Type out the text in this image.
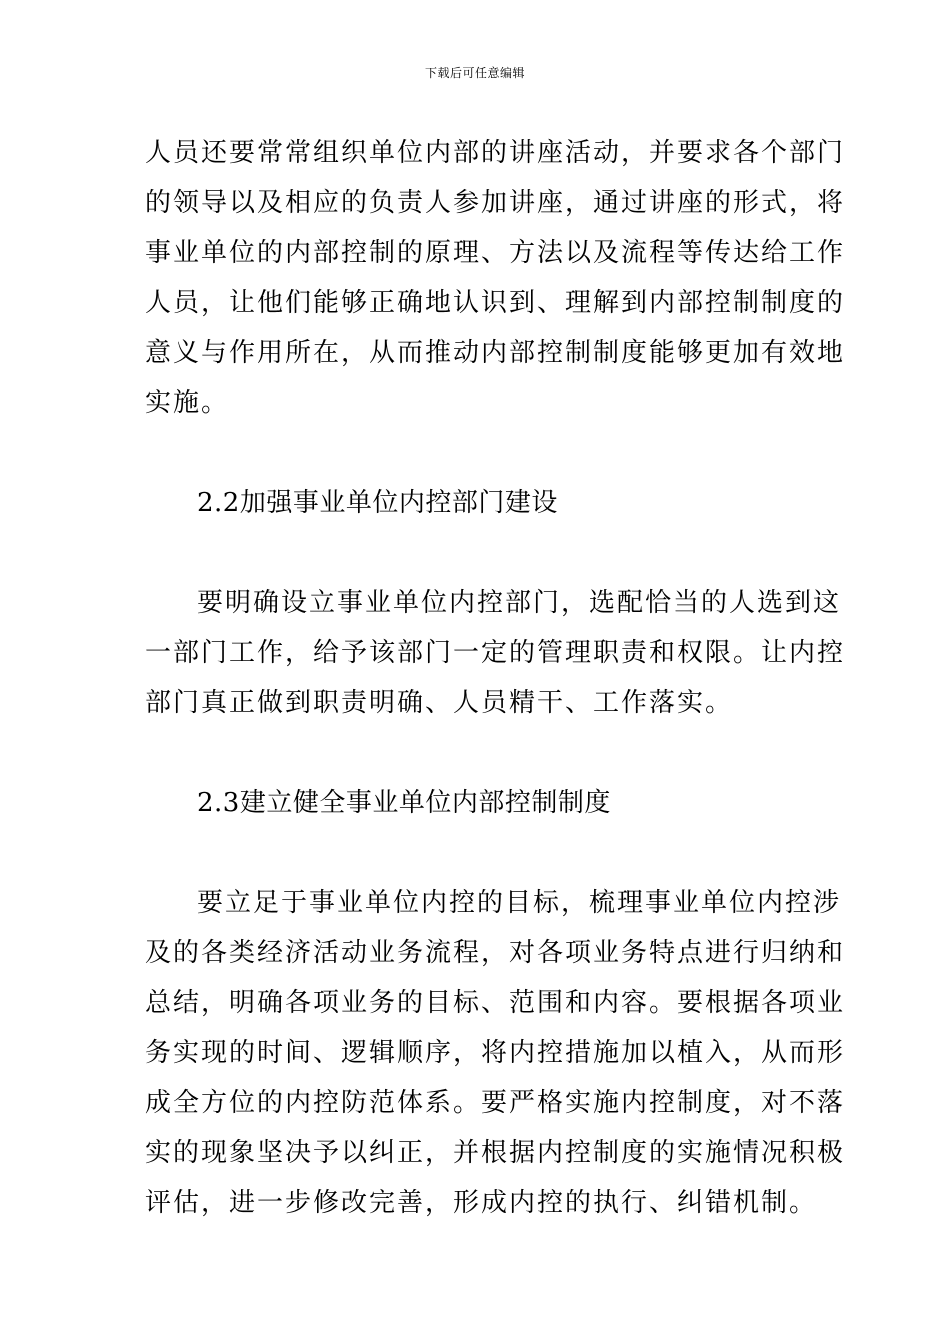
下载后可任意编辑
人员还要常常组织单位内部的讲座活动，并要求各个部门
的领导以及相应的负责人参加讲座，通过讲座的形式，将
事业单位的内部控制的原理、方法以及流程等传达给工作
人员，让他们能够正确地认识到、理解到内部控制制度的
意义与作用所在，从而推动内部控制制度能够更加有效地
实施。
2.2加强事业单位内控部门建设
要明确设立事业单位内控部门，选配恰当的人选到这
一部门工作，给予该部门一定的管理职责和权限。让内控
部门真正做到职责明确、人员精干、工作落实。
2.3建立健全事业单位内部控制制度
要立足于事业单位内控的目标，梳理事业单位内控涉
及的各类经济活动业务流程，对各项业务特点进行归纳和
总结，明确各项业务的目标、范围和内容。要根据各项业
务实现的时间、逻辑顺序，将内控措施加以植入，从而形
成全方位的内控防范体系。要严格实施内控制度，对不落
实的现象坚决予以纠正，并根据内控制度的实施情况积极
评估，进一步修改完善，形成内控的执行、纠错机制。
